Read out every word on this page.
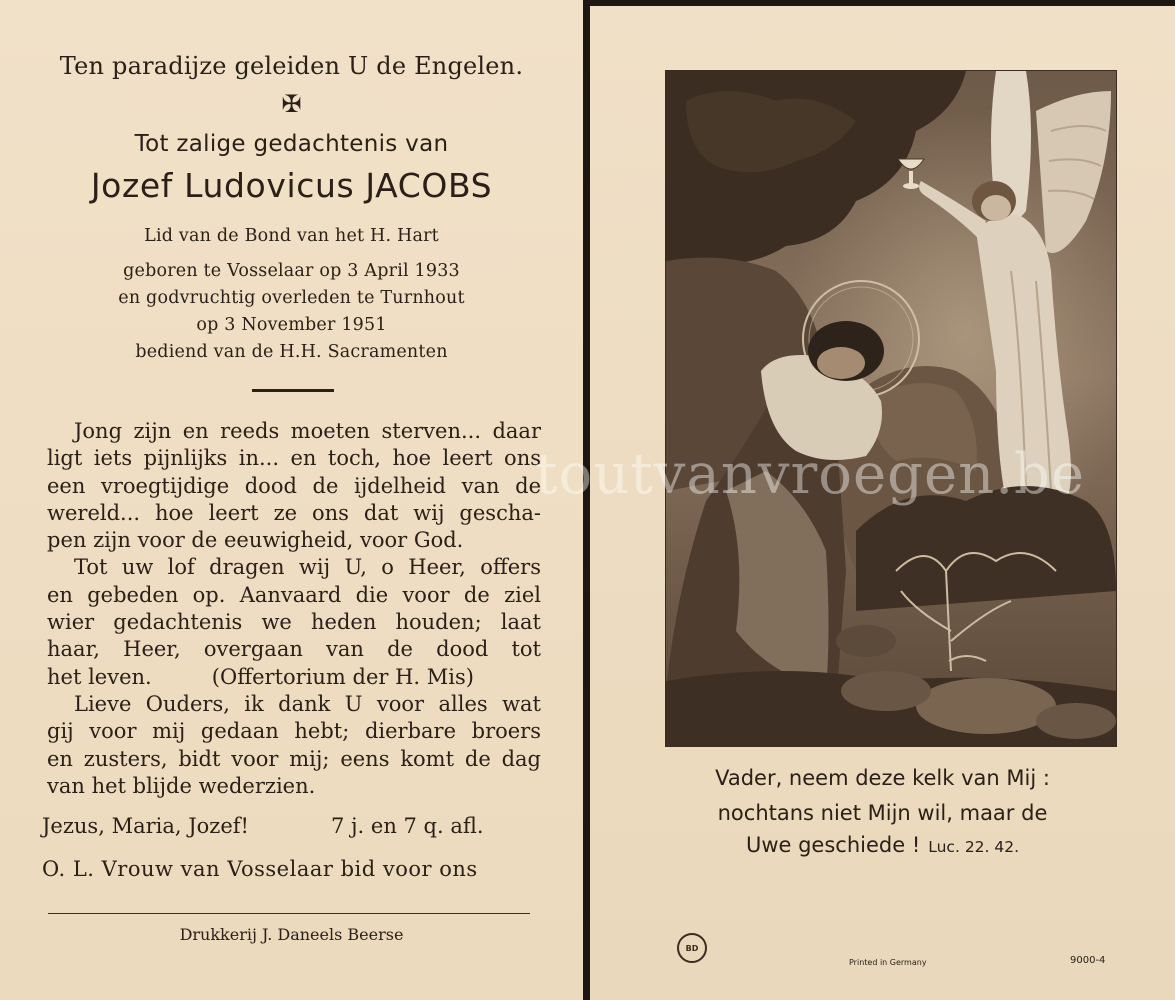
Ten paradijze geleiden U de Engelen.
✠
Tot zalige gedachtenis van
Jozef Ludovicus JACOBS
Lid van de Bond van het H. Hart
geboren te Vosselaar op 3 April 1933
en godvruchtig overleden te Turnhout
op 3 November 1951
bediend van de H.H. Sacramenten
Jong zijn en reeds moeten sterven... daar
ligt iets pijnlijks in... en toch, hoe leert ons
een vroegtijdige dood de ijdelheid van de
wereld... hoe leert ze ons dat wij gescha-
pen zijn voor de eeuwigheid, voor God.
Tot uw lof dragen wij U, o Heer, offers
en gebeden op. Aanvaard die voor de ziel
wier gedachtenis we heden houden; laat
haar, Heer, overgaan van de dood tot
het leven.         (Offertorium der H. Mis)
Lieve Ouders, ik dank U voor alles wat
gij voor mij gedaan hebt; dierbare broers
en zusters, bidt voor mij; eens komt de dag
van het blijde wederzien.
Jezus, Maria, Jozef!	7 j. en 7 q. afl.
O. L. Vrouw van Vosselaar bid voor ons
Drukkerij J. Daneels Beerse
toutvanvroegen.be
Vader, neem deze kelk van Mij :
nochtans niet Mijn wil, maar de
Uwe geschiede ! Luc. 22. 42.
BD
Printed in Germany	9000-4
